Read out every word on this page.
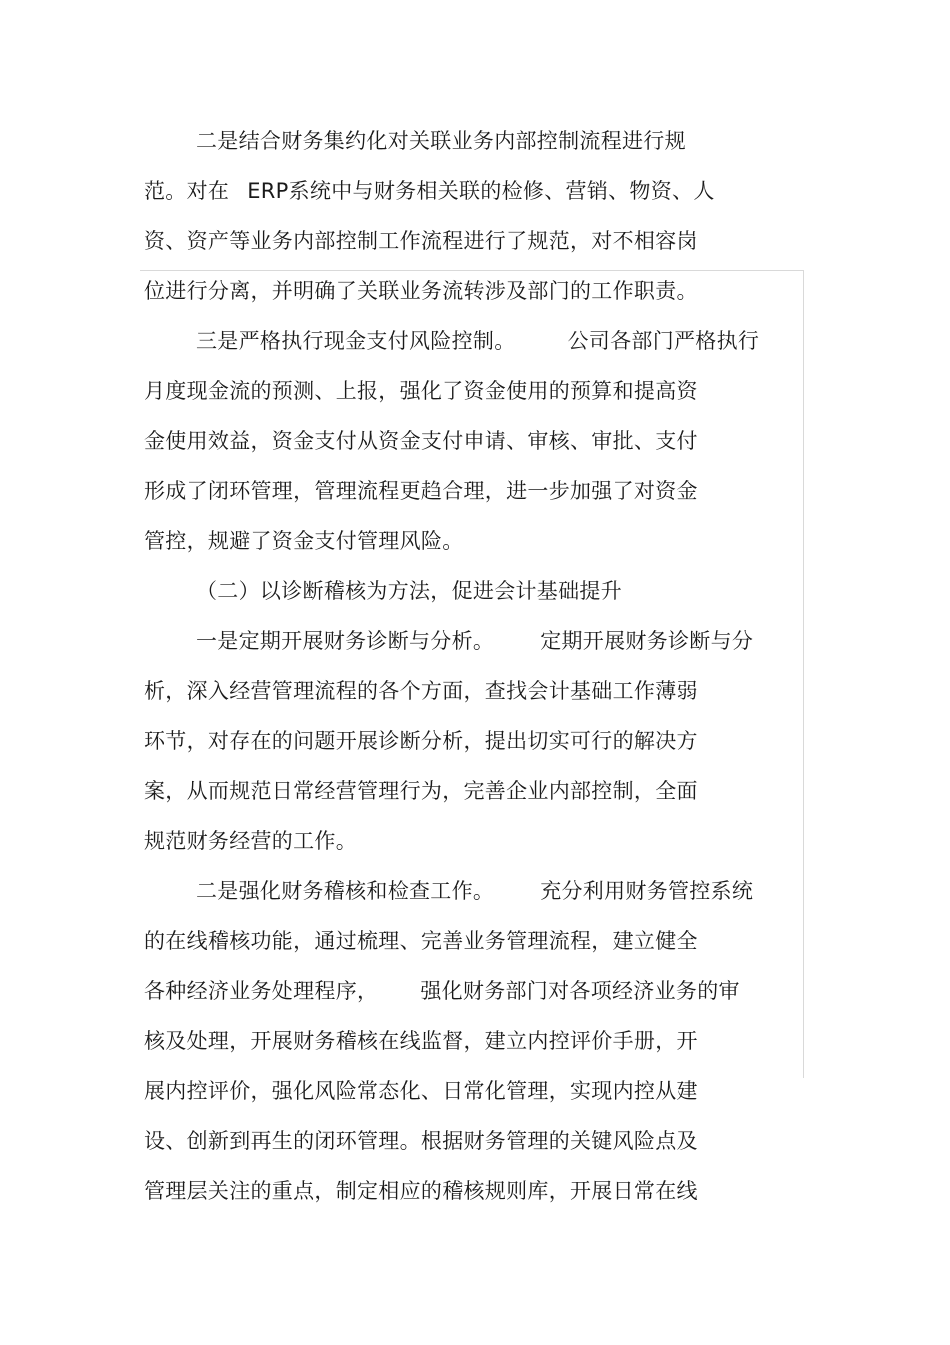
二是结合财务集约化对关联业务内部控制流程进行规
范。对在 ERP系统中与财务相关联的检修、营销、物资、人
资、资产等业务内部控制工作流程进行了规范，对不相容岗
位进行分离，并明确了关联业务流转涉及部门的工作职责。
三是严格执行现金支付风险控制。 公司各部门严格执行
月度现金流的预测、上报，强化了资金使用的预算和提高资
金使用效益，资金支付从资金支付申请、审核、审批、支付
形成了闭环管理，管理流程更趋合理，进一步加强了对资金
管控，规避了资金支付管理风险。
（二）以诊断稽核为方法，促进会计基础提升
一是定期开展财务诊断与分析。 定期开展财务诊断与分
析，深入经营管理流程的各个方面，查找会计基础工作薄弱
环节，对存在的问题开展诊断分析，提出切实可行的解决方
案，从而规范日常经营管理行为，完善企业内部控制，全面
规范财务经营的工作。
二是强化财务稽核和检查工作。 充分利用财务管控系统
的在线稽核功能，通过梳理、完善业务管理流程，建立健全
各种经济业务处理程序， 强化财务部门对各项经济业务的审
核及处理，开展财务稽核在线监督，建立内控评价手册，开
展内控评价，强化风险常态化、日常化管理，实现内控从建
设、创新到再生的闭环管理。根据财务管理的关键风险点及
管理层关注的重点，制定相应的稽核规则库，开展日常在线
